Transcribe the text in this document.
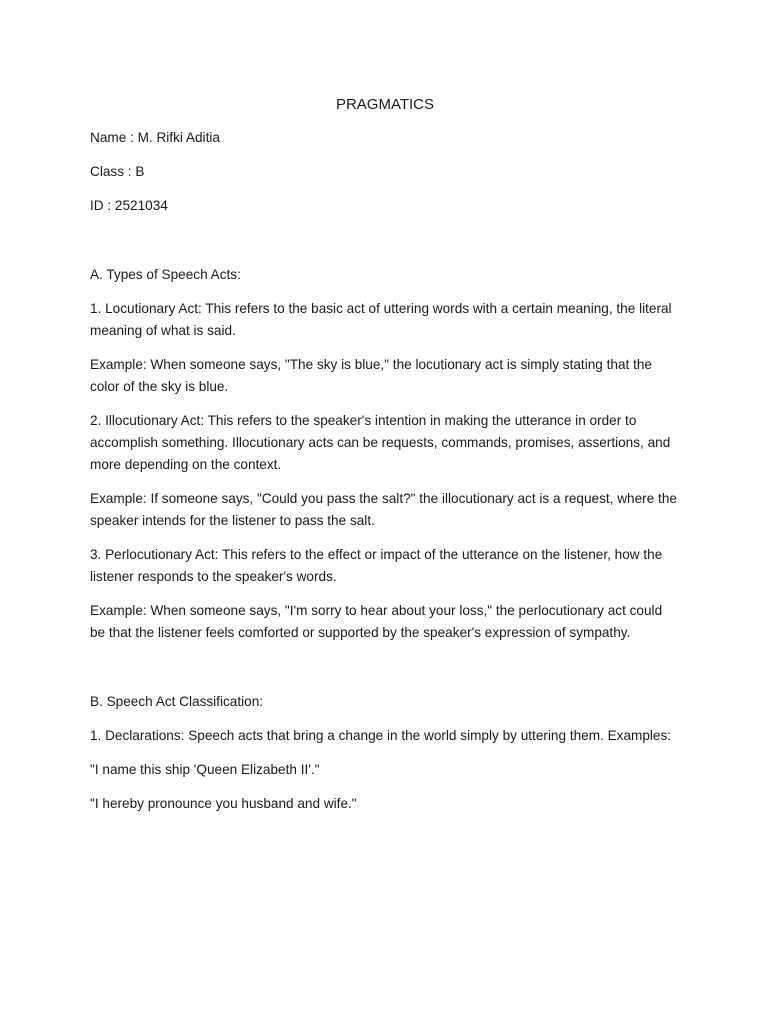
PRAGMATICS
Name : M. Rifki Aditia
Class : B
ID : 2521034
A. Types of Speech Acts:
1. Locutionary Act: This refers to the basic act of uttering words with a certain meaning, the literal meaning of what is said.
Example: When someone says, "The sky is blue," the locutionary act is simply stating that the color of the sky is blue.
2. Illocutionary Act: This refers to the speaker's intention in making the utterance in order to accomplish something. Illocutionary acts can be requests, commands, promises, assertions, and more depending on the context.
Example: If someone says, "Could you pass the salt?" the illocutionary act is a request, where the speaker intends for the listener to pass the salt.
3. Perlocutionary Act: This refers to the effect or impact of the utterance on the listener, how the listener responds to the speaker's words.
Example: When someone says, "I'm sorry to hear about your loss," the perlocutionary act could be that the listener feels comforted or supported by the speaker's expression of sympathy.
B. Speech Act Classification:
1. Declarations: Speech acts that bring a change in the world simply by uttering them. Examples:
"I name this ship 'Queen Elizabeth II'."
"I hereby pronounce you husband and wife."
